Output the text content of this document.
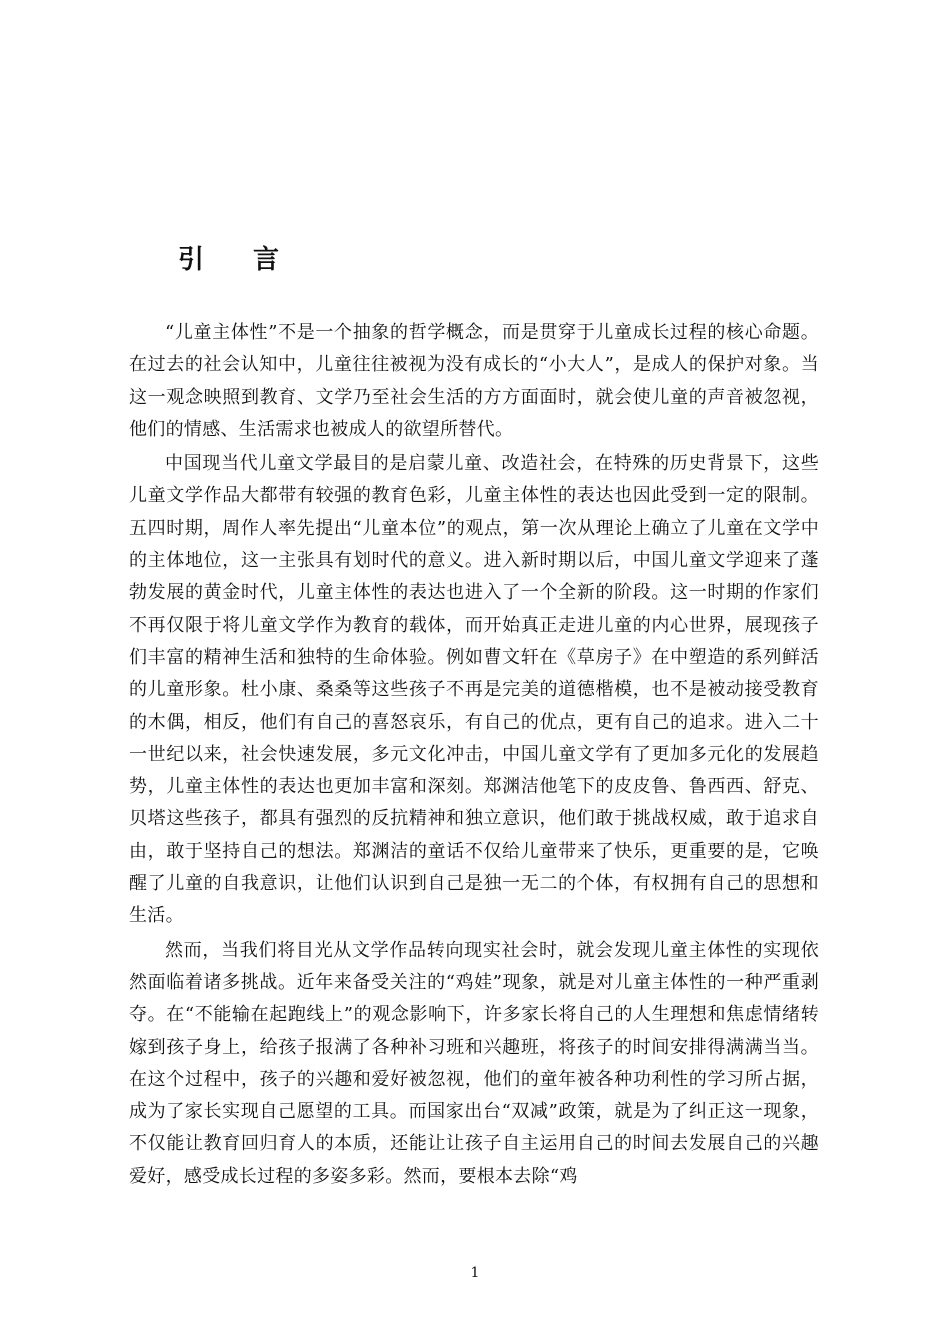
引 言

“儿童主体性”不是一个抽象的哲学概念，而是贯穿于儿童成长过程的核心命题。在过去的社会认知中，儿童往往被视为没有成长的“小大人”，是成人的保护对象。当这一观念映照到教育、文学乃至社会生活的方方面面时，就会使儿童的声音被忽视，他们的情感、生活需求也被成人的欲望所替代。

中国现当代儿童文学最目的是启蒙儿童、改造社会，在特殊的历史背景下，这些儿童文学作品大都带有较强的教育色彩，儿童主体性的表达也因此受到一定的限制。五四时期，周作人率先提出“儿童本位”的观点，第一次从理论上确立了儿童在文学中的主体地位，这一主张具有划时代的意义。进入新时期以后，中国儿童文学迎来了蓬勃发展的黄金时代，儿童主体性的表达也进入了一个全新的阶段。这一时期的作家们不再仅限于将儿童文学作为教育的载体，而开始真正走进儿童的内心世界，展现孩子们丰富的精神生活和独特的生命体验。例如曹文轩在《草房子》在中塑造的系列鲜活的儿童形象。杜小康、桑桑等这些孩子不再是完美的道德楷模，也不是被动接受教育的木偶，相反，他们有自己的喜怒哀乐，有自己的优点，更有自己的追求。进入二十一世纪以来，社会快速发展，多元文化冲击，中国儿童文学有了更加多元化的发展趋势，儿童主体性的表达也更加丰富和深刻。郑渊洁他笔下的皮皮鲁、鲁西西、舒克、贝塔这些孩子，都具有强烈的反抗精神和独立意识，他们敢于挑战权威，敢于追求自由，敢于坚持自己的想法。郑渊洁的童话不仅给儿童带来了快乐，更重要的是，它唤醒了儿童的自我意识，让他们认识到自己是独一无二的个体，有权拥有自己的思想和生活。

然而，当我们将目光从文学作品转向现实社会时，就会发现儿童主体性的实现依然面临着诸多挑战。近年来备受关注的“鸡娃”现象，就是对儿童主体性的一种严重剥夺。在“不能输在起跑线上”的观念影响下，许多家长将自己的人生理想和焦虑情绪转嫁到孩子身上，给孩子报满了各种补习班和兴趣班，将孩子的时间安排得满满当当。在这个过程中，孩子的兴趣和爱好被忽视，他们的童年被各种功利性的学习所占据，成为了家长实现自己愿望的工具。而国家出台“双减”政策，就是为了纠正这一现象，不仅能让教育回归育人的本质，还能让让孩子自主运用自己的时间去发展自己的兴趣爱好，感受成长过程的多姿多彩。然而，要根本去除“鸡

1
